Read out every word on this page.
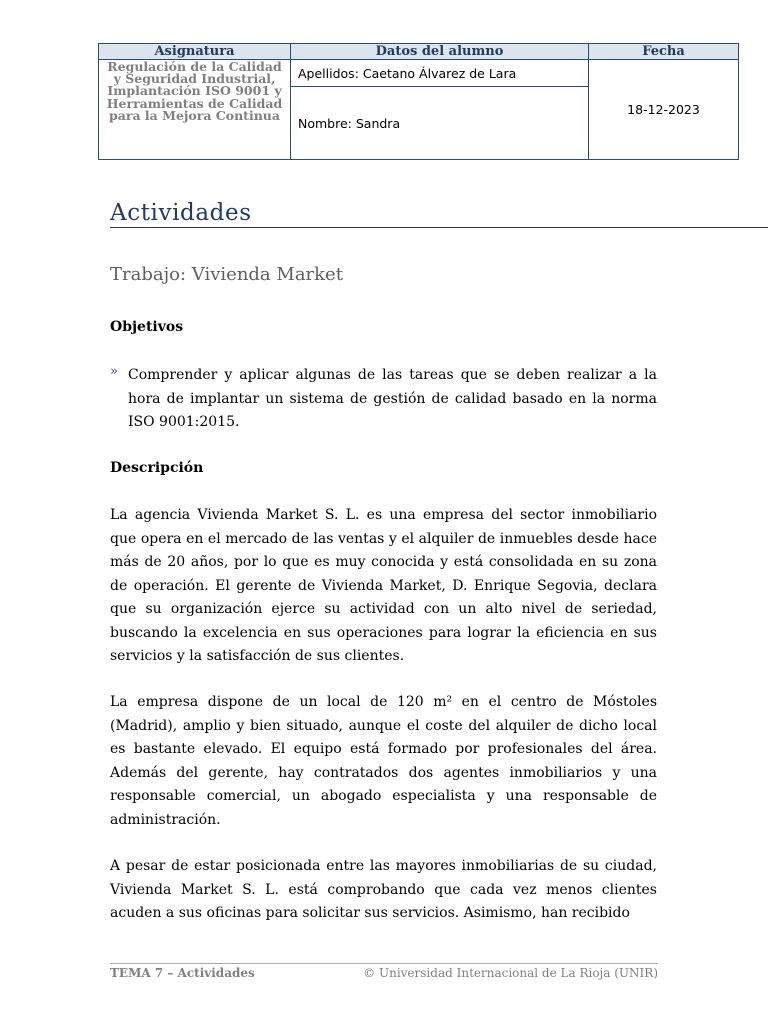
Asignatura	Datos del alumno	Fecha
Regulación de la Calidad y Seguridad Industrial, Implantación ISO 9001 y Herramientas de Calidad para la Mejora Continua	Apellidos: Caetano Álvarez de Lara	18-12-2023
	Nombre: Sandra	
Actividades
Trabajo: Vivienda Market
Objetivos
» Comprender y aplicar algunas de las tareas que se deben realizar a la hora de implantar un sistema de gestión de calidad basado en la norma ISO 9001:2015.
Descripción
La agencia Vivienda Market S. L. es una empresa del sector inmobiliario que opera en el mercado de las ventas y el alquiler de inmuebles desde hace más de 20 años, por lo que es muy conocida y está consolidada en su zona de operación. El gerente de Vivienda Market, D. Enrique Segovia, declara que su organización ejerce su actividad con un alto nivel de seriedad, buscando la excelencia en sus operaciones para lograr la eficiencia en sus servicios y la satisfacción de sus clientes.
La empresa dispone de un local de 120 m² en el centro de Móstoles (Madrid), amplio y bien situado, aunque el coste del alquiler de dicho local es bastante elevado. El equipo está formado por profesionales del área. Además del gerente, hay contratados dos agentes inmobiliarios y una responsable comercial, un abogado especialista y una responsable de administración.
A pesar de estar posicionada entre las mayores inmobiliarias de su ciudad, Vivienda Market S. L. está comprobando que cada vez menos clientes acuden a sus oficinas para solicitar sus servicios. Asimismo, han recibido
TEMA 7 – Actividades	© Universidad Internacional de La Rioja (UNIR)
